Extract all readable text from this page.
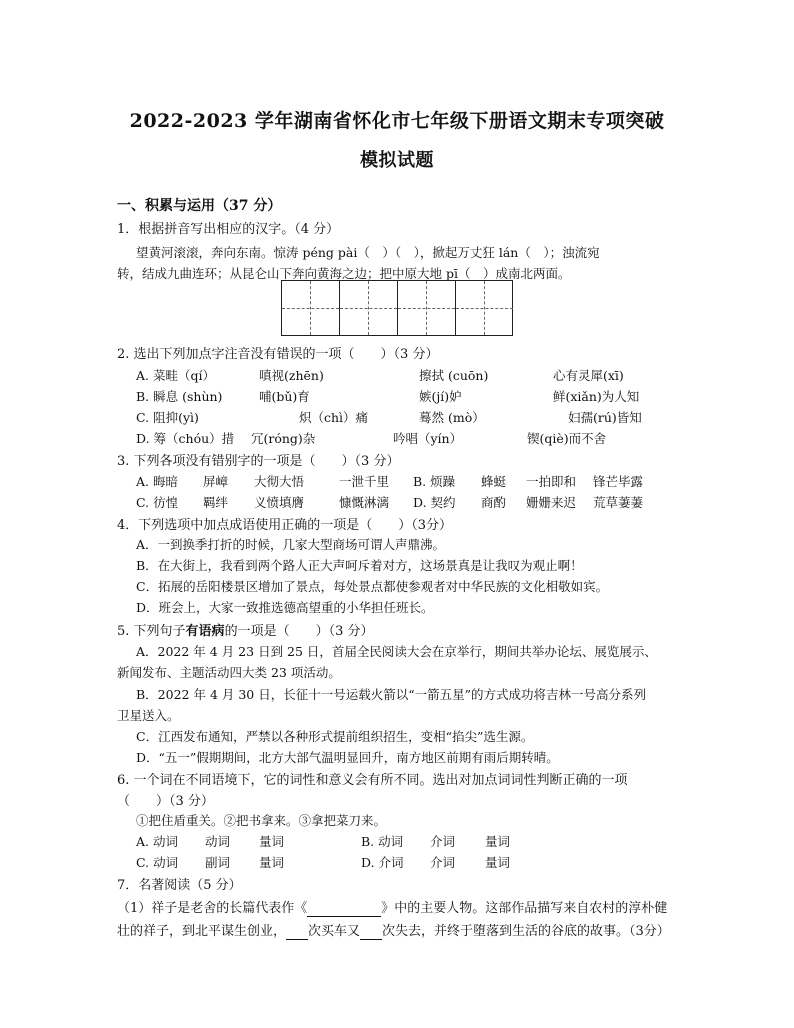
2022-2023 学年湖南省怀化市七年级下册语文期末专项突破
模拟试题
一、积累与运用（37 分）
1．根据拼音写出相应的汉字。（4 分）
望黄河滚滚，奔向东南。惊涛 péng pài（　）（　），掀起万丈狂 lán（　）；浊流宛
转，结成九曲连环；从昆仑山下奔向黄海之边；把中原大地 pī（　）成南北两面。
2. 选出下列加点字注音没有错误的一项（　　）（3 分）
A. 菜畦（qí）	嗔视(zhēn)	擦拭 (cuōn)	心有灵犀(xī)
B. 瞬息 (shùn)	哺(bǔ)育	嫉(jí)妒	鲜(xiǎn)为人知
C. 阻抑(yì)	炽（chì）痛	蓦然 (mò）	妇孺(rú)皆知
D. 筹（chóu）措 冗(róng)杂	吟唱（yín）	锲(qiè)而不舍
3. 下列各项没有错别字的一项是（　　）（3 分）
A. 晦暗 屏嶂 大彻大悟	一泄千里 B. 烦躁 蜂蜓 一拍即和 锋芒毕露
C. 彷惶 羁绊 义愤填膺	慷慨淋漓 D. 契约 商酌 姗姗来迟 荒草萋萋
4．下列选项中加点成语使用正确的一项是（　　）（3分）
A．一到换季打折的时候，几家大型商场可谓人声鼎沸。
B．在大街上，我看到两个路人正大声呵斥着对方，这场景真是让我叹为观止啊！
C．拓展的岳阳楼景区增加了景点，每处景点都使参观者对中华民族的文化相敬如宾。
D．班会上，大家一致推选德高望重的小华担任班长。
5. 下列句子有语病的一项是（　　）（3 分）
A．2022 年 4 月 23 日到 25 日，首届全民阅读大会在京举行，期间共举办论坛、展览展示、
新闻发布、主题活动四大类 23 项活动。
B．2022 年 4 月 30 日，长征十一号运载火箭以“一箭五星”的方式成功将吉林一号高分系列
卫星送入。
C．江西发布通知，严禁以各种形式提前组织招生，变相“掐尖”选生源。
D．“五一”假期期间，北方大部气温明显回升，南方地区前期有雨后期转晴。
6. 一个词在不同语境下，它的词性和意义会有所不同。选出对加点词词性判断正确的一项
（　　）（3 分）
①把住盾重关。②把书拿来。③拿把菜刀来。
A. 动词 动词 量词	B. 动词 介词 量词
C. 动词 副词 量词	D. 介词 介词 量词
7．名著阅读（5 分）
（1）祥子是老舍的长篇代表作《	》中的主要人物。这部作品描写来自农村的淳朴健
壮的祥子，到北平谋生创业， 次买车又 次失去，并终于堕落到生活的谷底的故事。（3分）
